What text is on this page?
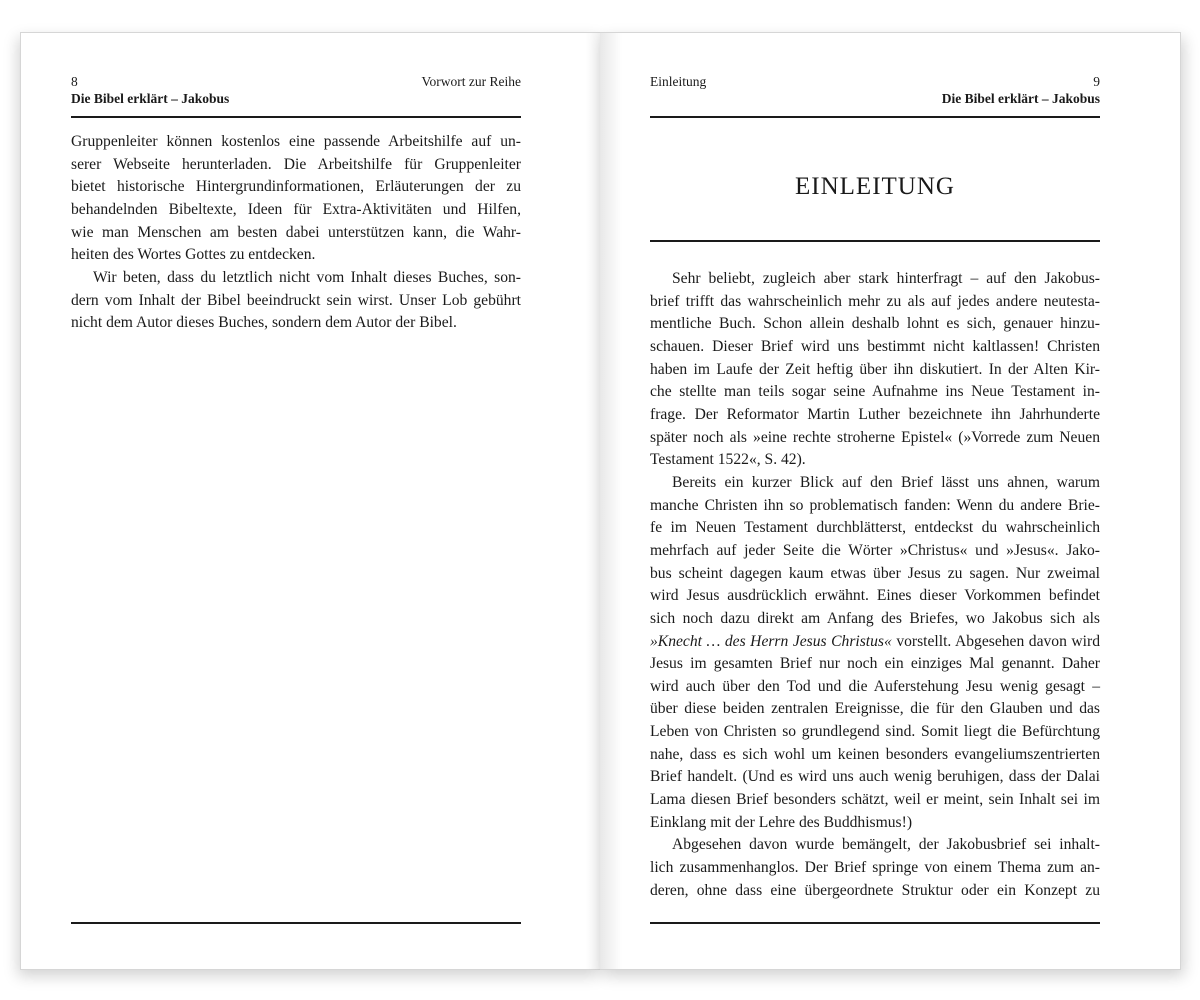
8	Vorwort zur Reihe
Die Bibel erklärt – Jakobus
Gruppenleiter können kostenlos eine passende Arbeitshilfe auf un-
serer Webseite herunterladen. Die Arbeitshilfe für Gruppenleiter
bietet historische Hintergrundinformationen, Erläuterungen der zu
behandelnden Bibeltexte, Ideen für Extra-Aktivitäten und Hilfen,
wie man Menschen am besten dabei unterstützen kann, die Wahr-
heiten des Wortes Gottes zu entdecken.
Wir beten, dass du letztlich nicht vom Inhalt dieses Buches, son-
dern vom Inhalt der Bibel beeindruckt sein wirst. Unser Lob gebührt
nicht dem Autor dieses Buches, sondern dem Autor der Bibel.
Einleitung	9
Die Bibel erklärt – Jakobus
EINLEITUNG
Sehr beliebt, zugleich aber stark hinterfragt – auf den Jakobus-
brief trifft das wahrscheinlich mehr zu als auf jedes andere neutesta-
mentliche Buch. Schon allein deshalb lohnt es sich, genauer hinzu-
schauen. Dieser Brief wird uns bestimmt nicht kaltlassen! Christen
haben im Laufe der Zeit heftig über ihn diskutiert. In der Alten Kir-
che stellte man teils sogar seine Aufnahme ins Neue Testament in-
frage. Der Reformator Martin Luther bezeichnete ihn Jahrhunderte
später noch als »eine rechte stroherne Epistel« (»Vorrede zum Neuen
Testament 1522«, S. 42).
Bereits ein kurzer Blick auf den Brief lässt uns ahnen, warum
manche Christen ihn so problematisch fanden: Wenn du andere Brie-
fe im Neuen Testament durchblätterst, entdeckst du wahrscheinlich
mehrfach auf jeder Seite die Wörter »Christus« und »Jesus«. Jako-
bus scheint dagegen kaum etwas über Jesus zu sagen. Nur zweimal
wird Jesus ausdrücklich erwähnt. Eines dieser Vorkommen befindet
sich noch dazu direkt am Anfang des Briefes, wo Jakobus sich als
»Knecht … des Herrn Jesus Christus« vorstellt. Abgesehen davon wird
Jesus im gesamten Brief nur noch ein einziges Mal genannt. Daher
wird auch über den Tod und die Auferstehung Jesu wenig gesagt –
über diese beiden zentralen Ereignisse, die für den Glauben und das
Leben von Christen so grundlegend sind. Somit liegt die Befürchtung
nahe, dass es sich wohl um keinen besonders evangeliumszentrierten
Brief handelt. (Und es wird uns auch wenig beruhigen, dass der Dalai
Lama diesen Brief besonders schätzt, weil er meint, sein Inhalt sei im
Einklang mit der Lehre des Buddhismus!)
Abgesehen davon wurde bemängelt, der Jakobusbrief sei inhalt-
lich zusammenhanglos. Der Brief springe von einem Thema zum an-
deren, ohne dass eine übergeordnete Struktur oder ein Konzept zu
